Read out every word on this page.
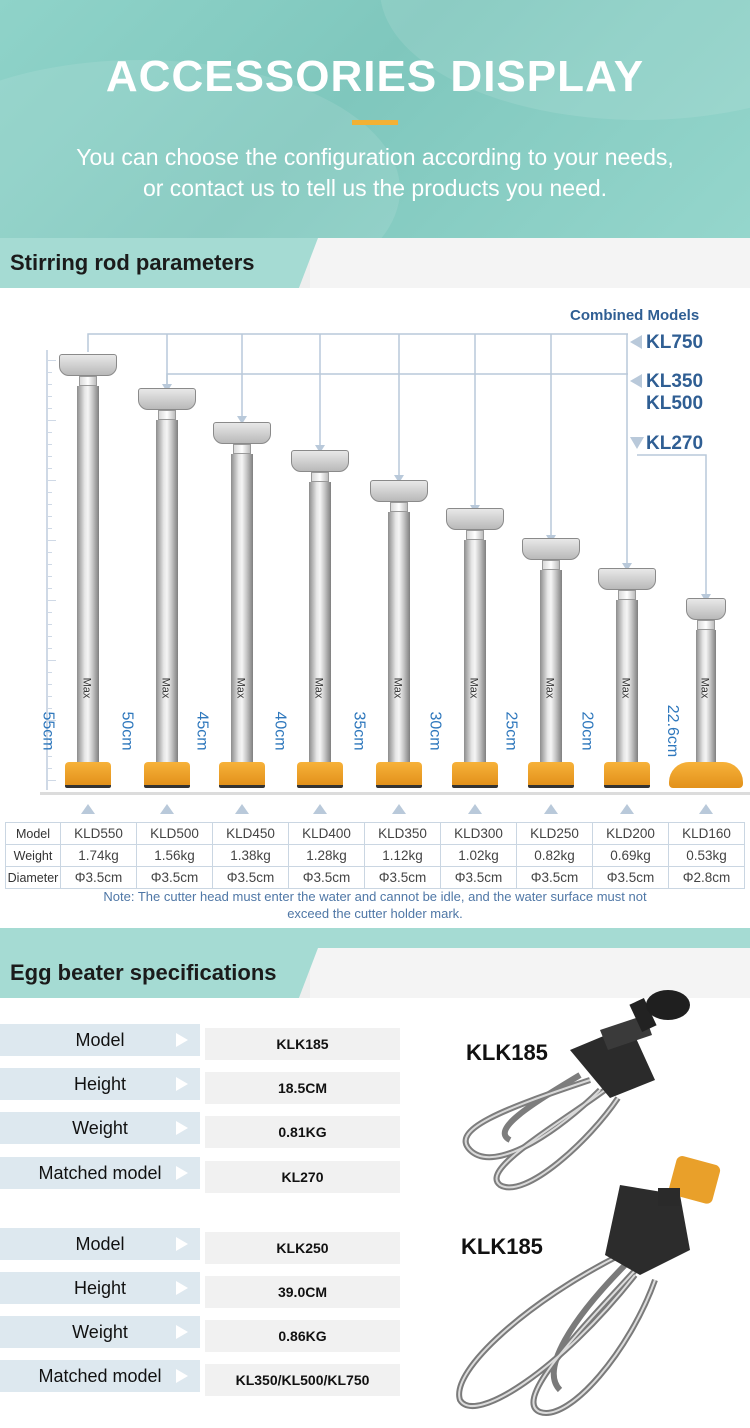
ACCESSORIES DISPLAY

You can choose the configuration according to your needs,
or contact us to tell us the products you need.

Stirring rod parameters
Combined Models
KL750
KL350
KL500
KL270
Max
55cm
Max
50cm
Max
45cm
Max
40cm
Max
35cm
Max
30cm
Max
25cm
Max
20cm
Max
22.6cm
Model	KLD550	KLD500	KLD450	KLD400	KLD350	KLD300	KLD250	KLD200	KLD160
Weight	1.74kg	1.56kg	1.38kg	1.28kg	1.12kg	1.02kg	0.82kg	0.69kg	0.53kg
Diameter	Φ3.5cm	Φ3.5cm	Φ3.5cm	Φ3.5cm	Φ3.5cm	Φ3.5cm	Φ3.5cm	Φ3.5cm	Φ2.8cm
Note: The cutter head must enter the water and cannot be idle, and the water surface must not
exceed the cutter holder mark.
Egg beater specifications
Model	KLK185
Height	18.5CM
Weight	0.81KG
Matched model	KL270
Model	KLK250
Height	39.0CM
Weight	0.86KG
Matched model	KL350/KL500/KL750
KLK185
KLK185
